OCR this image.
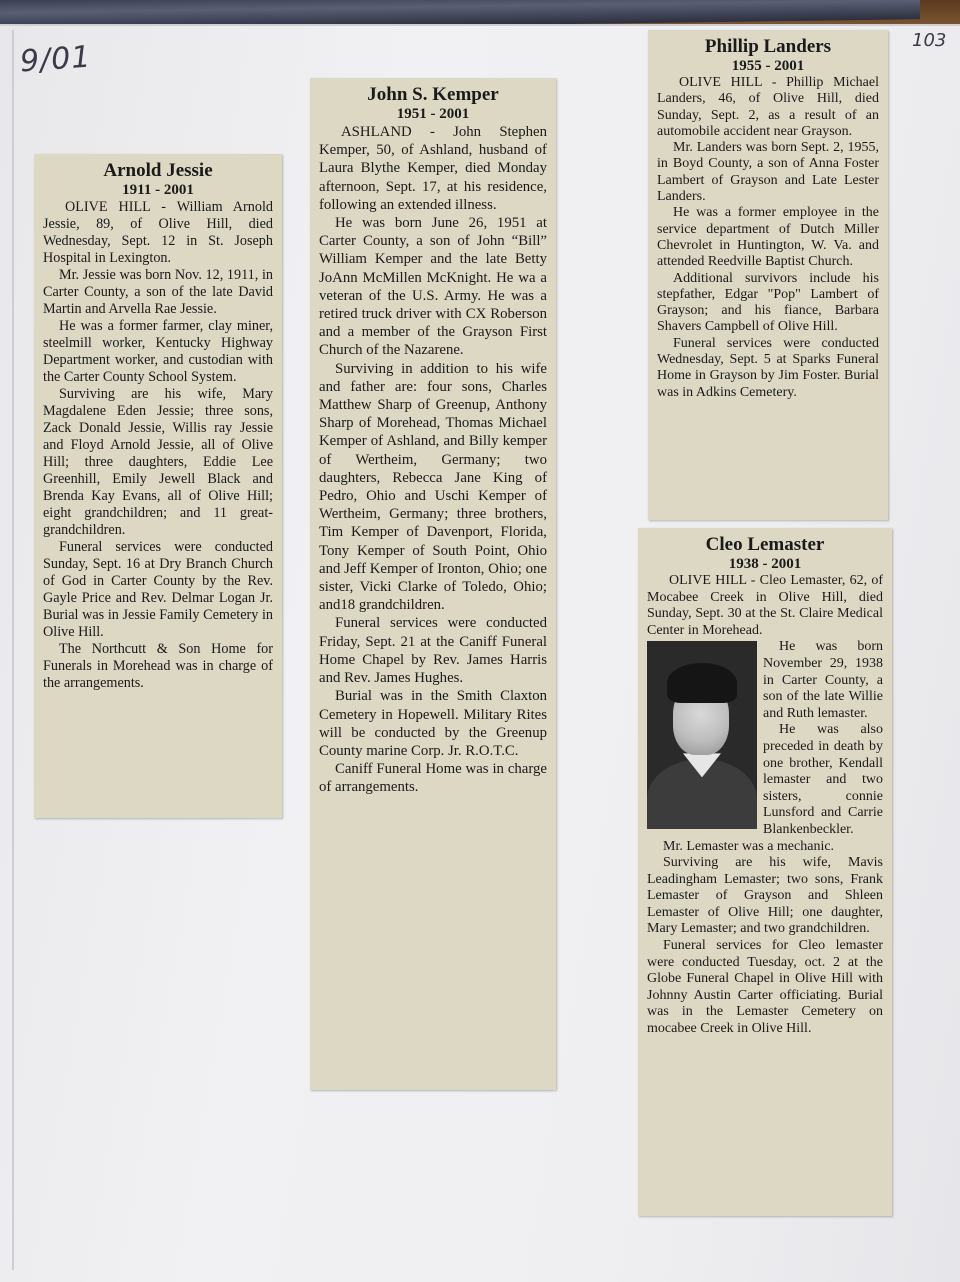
9/01	103
Arnold Jessie
1911 - 2001

OLIVE HILL - William Arnold Jessie, 89, of Olive Hill, died Wednesday, Sept. 12 in St. Joseph Hospital in Lexington.

Mr. Jessie was born Nov. 12, 1911, in Carter County, a son of the late David Martin and Arvella Rae Jessie.

He was a former farmer, clay miner, steelmill worker, Kentucky Highway Department worker, and custodian with the Carter County School System.

Surviving are his wife, Mary Magdalene Eden Jessie; three sons, Zack Donald Jessie, Willis ray Jessie and Floyd Arnold Jessie, all of Olive Hill; three daughters, Eddie Lee Greenhill, Emily Jewell Black and Brenda Kay Evans, all of Olive Hill; eight grandchildren; and 11 great-grandchildren.

Funeral services were conducted Sunday, Sept. 16 at Dry Branch Church of God in Carter County by the Rev. Gayle Price and Rev. Delmar Logan Jr. Burial was in Jessie Family Cemetery in Olive Hill.

The Northcutt & Son Home for Funerals in Morehead was in charge of the arrangements.

John S. Kemper
1951 - 2001

ASHLAND - John Stephen Kemper, 50, of Ashland, husband of Laura Blythe Kemper, died Monday afternoon, Sept. 17, at his residence, following an extended illness.

He was born June 26, 1951 at Carter County, a son of John “Bill” William Kemper and the late Betty JoAnn McMillen McKnight. He wa a veteran of the U.S. Army. He was a retired truck driver with CX Roberson and a member of the Grayson First Church of the Nazarene.

Surviving in addition to his wife and father are: four sons, Charles Matthew Sharp of Greenup, Anthony Sharp of Morehead, Thomas Michael Kemper of Ashland, and Billy kemper of Wertheim, Germany; two daughters, Rebecca Jane King of Pedro, Ohio and Uschi Kemper of Wertheim, Germany; three brothers, Tim Kemper of Davenport, Florida, Tony Kemper of South Point, Ohio and Jeff Kemper of Ironton, Ohio; one sister, Vicki Clarke of Toledo, Ohio; and18 grandchildren.

Funeral services were conducted Friday, Sept. 21 at the Caniff Funeral Home Chapel by Rev. James Harris and Rev. James Hughes.

Burial was in the Smith Claxton Cemetery in Hopewell. Military Rites will be conducted by the Greenup County marine Corp. Jr. R.O.T.C.

Caniff Funeral Home was in charge of arrangements.

Phillip Landers
1955 - 2001

OLIVE HILL - Phillip Michael Landers, 46, of Olive Hill, died Sunday, Sept. 2, as a result of an automobile accident near Grayson.

Mr. Landers was born Sept. 2, 1955, in Boyd County, a son of Anna Foster Lambert of Grayson and Late Lester Landers.

He was a former employee in the service department of Dutch Miller Chevrolet in Huntington, W. Va. and attended Reedville Baptist Church.

Additional survivors include his stepfather, Edgar "Pop" Lambert of Grayson; and his fiance, Barbara Shavers Campbell of Olive Hill.

Funeral services were conducted Wednesday, Sept. 5 at Sparks Funeral Home in Grayson by Jim Foster. Burial was in Adkins Cemetery.

Cleo Lemaster
1938 - 2001

OLIVE HILL - Cleo Lemaster, 62, of Mocabee Creek in Olive Hill, died Sunday, Sept. 30 at the St. Claire Medical Center in Morehead.

He was born November 29, 1938 in Carter County, a son of the late Willie and Ruth lemaster.

He was also preceded in death by one brother, Kendall lemaster and two sisters, connie Lunsford and Carrie Blankenbeckler.

Mr. Lemaster was a mechanic.

Surviving are his wife, Mavis Leadingham Lemaster; two sons, Frank Lemaster of Grayson and Shleen Lemaster of Olive Hill; one daughter, Mary Lemaster; and two grandchildren.

Funeral services for Cleo lemaster were conducted Tuesday, oct. 2 at the Globe Funeral Chapel in Olive Hill with Johnny Austin Carter officiating. Burial was in the Lemaster Cemetery on mocabee Creek in Olive Hill.
